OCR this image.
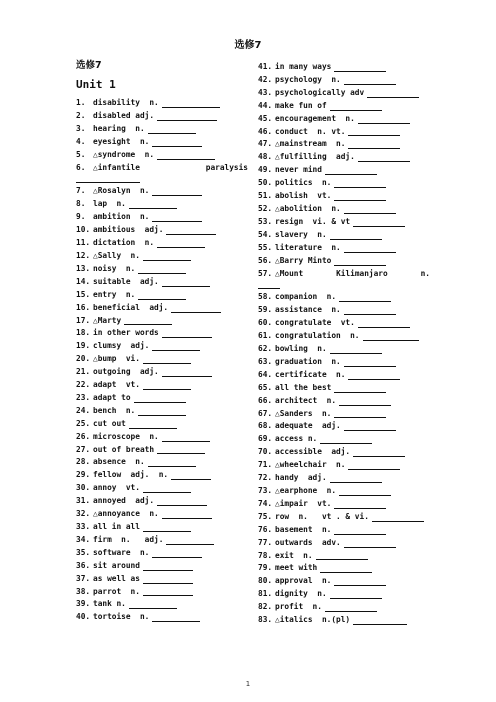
选修7
选修7
Unit 1
1. disability  n.
2. disabled adj.
3. hearing  n.
4. eyesight  n.
5. △syndrome  n.
6. △infantile	paralysis
7. △Rosalyn  n.
8. lap  n.
9. ambition  n.
10. ambitious  adj.
11. dictation  n.
12. △Sally  n.
13. noisy  n.
14. suitable  adj.
15. entry  n.
16. beneficial  adj.
17. △Marty
18. in other words
19. clumsy  adj.
20. △bump  vi.
21. outgoing  adj.
22. adapt  vt.
23. adapt to
24. bench  n.
25. cut out
26. microscope  n.
27. out of breath
28. absence  n.
29. fellow  adj.  n.
30. annoy  vt.
31. annoyed  adj.
32. △annoyance  n.
33. all in all
34. firm  n.   adj.
35. software  n.
36. sit around
37. as well as
38. parrot  n.
39. tank n.
40. tortoise  n.
41. in many ways
42. psychology  n.
43. psychologically adv
44. make fun of
45. encouragement  n.
46. conduct  n. vt.
47. △mainstream  n.
48. △fulfilling  adj.
49. never mind
50. politics  n.
51. abolish  vt.
52. △abolition  n.
53. resign  vi. & vt
54. slavery  n.
55. literature  n.
56. △Barry Minto
57. △Mount	Kilimanjaro	n.
58. companion  n.
59. assistance  n.
60. congratulate  vt.
61. congratulation  n.
62. bowling  n.
63. graduation  n.
64. certificate  n.
65. all the best
66. architect  n.
67. △Sanders  n.
68. adequate  adj.
69. access n.
70. accessible  adj.
71. △wheelchair  n.
72. handy  adj.
73. △earphone  n.
74. △impair  vt.
75. row  n.   vt . & vi.
76. basement  n.
77. outwards  adv.
78. exit  n.
79. meet with
80. approval  n.
81. dignity  n.
82. profit  n.
83. △italics  n.(pl)
1
